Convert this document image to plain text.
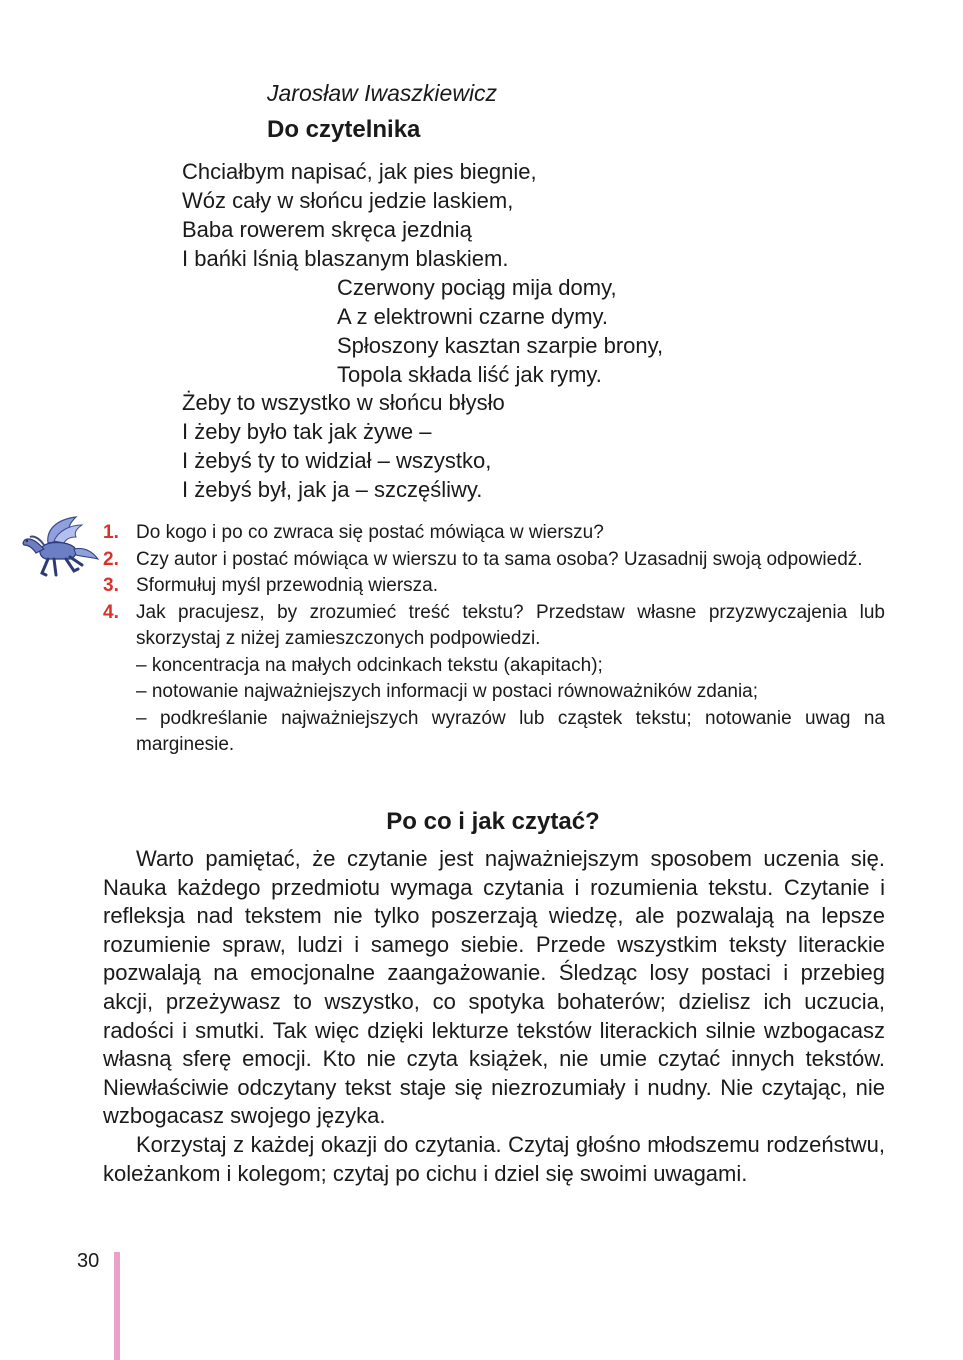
Jarosław Iwaszkiewicz
Do czytelnika
Chciałbym napisać, jak pies biegnie,
Wóz cały w słońcu jedzie laskiem,
Baba rowerem skręca jezdnią
I bańki lśnią blaszanym blaskiem.
Czerwony pociąg mija domy,
A z elektrowni czarne dymy.
Spłoszony kasztan szarpie brony,
Topola składa liść jak rymy.
Żeby to wszystko w słońcu błysło
I żeby było tak jak żywe –
I żebyś ty to widział – wszystko,
I żebyś był, jak ja – szczęśliwy.
1. Do kogo i po co zwraca się postać mówiąca w wierszu?
2. Czy autor i postać mówiąca w wierszu to ta sama osoba? Uzasadnij swoją odpowiedź.
3. Sformułuj myśl przewodnią wiersza.
4. Jak pracujesz, by zrozumieć treść tekstu? Przedstaw własne przyzwyczajenia lub skorzystaj z niżej zamieszczonych podpowiedzi.
– koncentracja na małych odcinkach tekstu (akapitach);
– notowanie najważniejszych informacji w postaci równoważników zdania;
– podkreślanie najważniejszych wyrazów lub cząstek tekstu; notowanie uwag na marginesie.
Po co i jak czytać?

Warto pamiętać, że czytanie jest najważniejszym sposobem uczenia się. Nauka każdego przedmiotu wymaga czytania i rozumienia tekstu. Czytanie i refleksja nad tekstem nie tylko poszerzają wiedzę, ale pozwalają na lepsze rozumienie spraw, ludzi i samego siebie. Przede wszystkim teksty literackie pozwalają na emocjonalne zaangażowanie. Śledząc losy postaci i przebieg akcji, przeżywasz to wszystko, co spotyka bohaterów; dzielisz ich uczucia, radości i smutki. Tak więc dzięki lekturze tekstów literackich silnie wzbogacasz własną sferę emocji. Kto nie czyta książek, nie umie czytać innych tekstów. Niewłaściwie odczytany tekst staje się niezrozumiały i nudny. Nie czytając, nie wzbogacasz swojego języka.

Korzystaj z każdej okazji do czytania. Czytaj głośno młodszemu rodzeństwu, koleżankom i kolegom; czytaj po cichu i dziel się swoimi uwagami.

30
